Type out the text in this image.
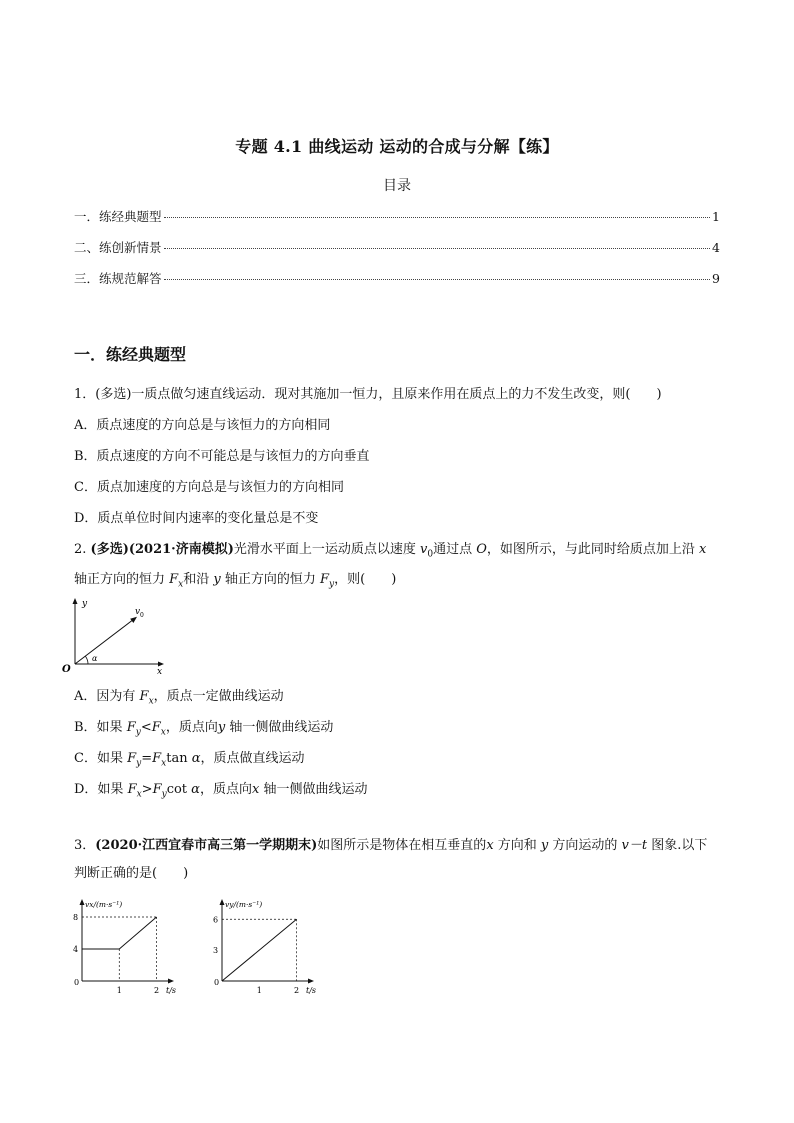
专题 4.1 曲线运动 运动的合成与分解【练】
目录
一．练经典题型	1
二、练创新情景	4
三．练规范解答	9
一．练经典题型
1．(多选)一质点做匀速直线运动．现对其施加一恒力，且原来作用在质点上的力不发生改变，则(　　)
A．质点速度的方向总是与该恒力的方向相同
B．质点速度的方向不可能总是与该恒力的方向垂直
C．质点加速度的方向总是与该恒力的方向相同
D．质点单位时间内速率的变化量总是不变
2. (多选)(2021·济南模拟)光滑水平面上一运动质点以速度 $v_0$通过点 O，如图所示，与此同时给质点加上沿 x
轴正方向的恒力 $F_x$和沿 y 轴正方向的恒力 $F_y$，则(　　)
y
x
O
v 0
α
A．因为有 $F_x$，质点一定做曲线运动
B．如果 $F_y<F_x$，质点向y 轴一侧做曲线运动
C．如果 $F_y=F_x\tan$ α，质点做直线运动
D．如果 $F_x>F_y\cot$ α，质点向x 轴一侧做曲线运动
3．(2020·江西宜春市高三第一学期期末)如图所示是物体在相互垂直的x 方向和 y 方向运动的 v－t 图象.以下
判断正确的是(　　)
vx/(m·s⁻¹)
t/s
0
1	2
4
8
vy/(m·s⁻¹)
t/s
0
1	2
3
6
